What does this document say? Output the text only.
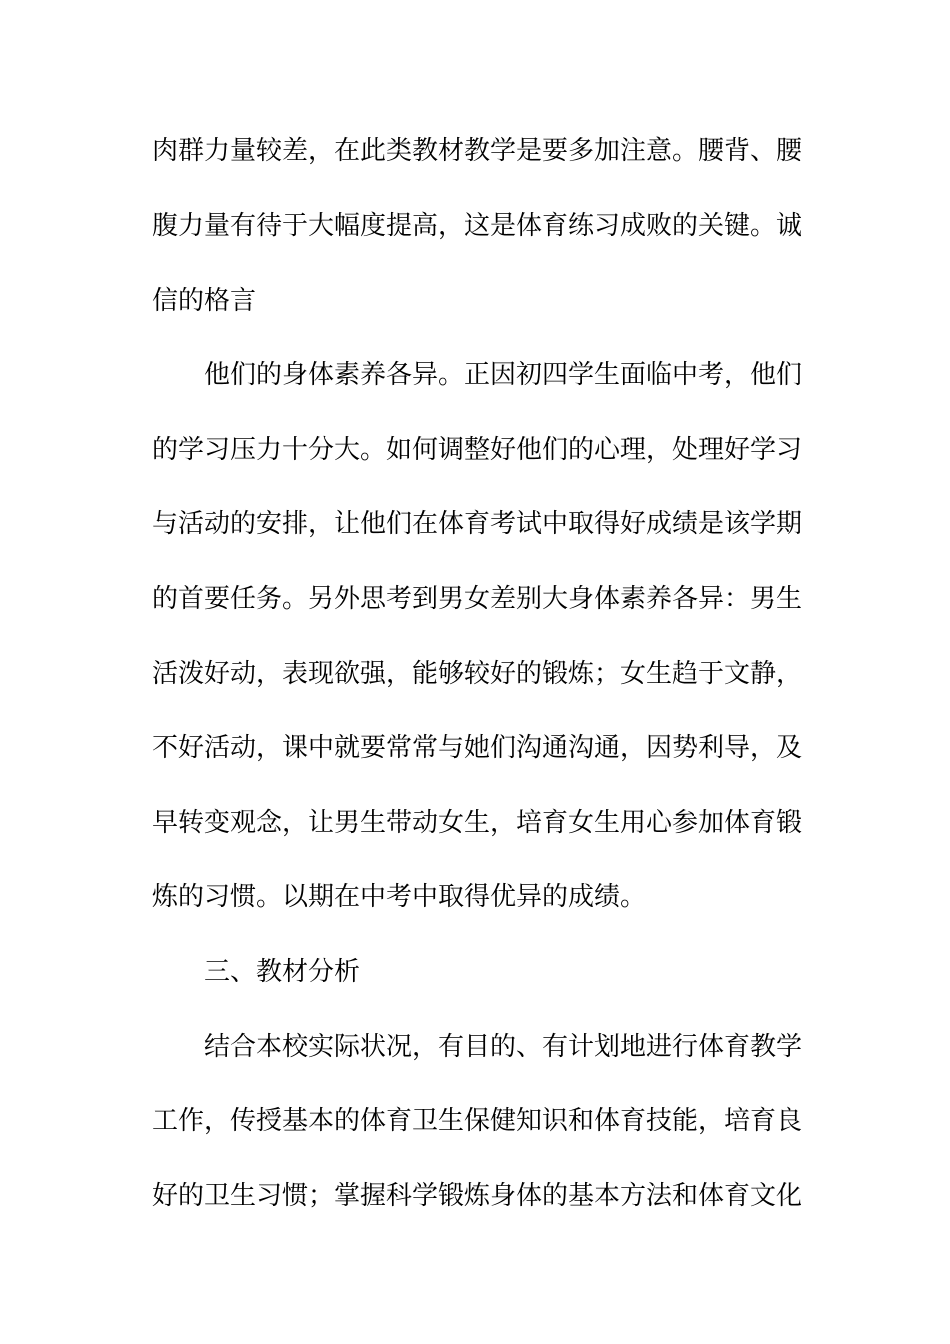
肉群力量较差，在此类教材教学是要多加注意。腰背、腰

腹力量有待于大幅度提高，这是体育练习成败的关键。诚

信的格言

他们的身体素养各异。正因初四学生面临中考，他们

的学习压力十分大。如何调整好他们的心理，处理好学习

与活动的安排，让他们在体育考试中取得好成绩是该学期

的首要任务。另外思考到男女差别大身体素养各异：男生

活泼好动，表现欲强，能够较好的锻炼；女生趋于文静，

不好活动，课中就要常常与她们沟通沟通，因势利导，及

早转变观念，让男生带动女生，培育女生用心参加体育锻

炼的习惯。以期在中考中取得优异的成绩。

三、教材分析

结合本校实际状况，有目的、有计划地进行体育教学

工作，传授基本的体育卫生保健知识和体育技能，培育良

好的卫生习惯；掌握科学锻炼身体的基本方法和体育文化
